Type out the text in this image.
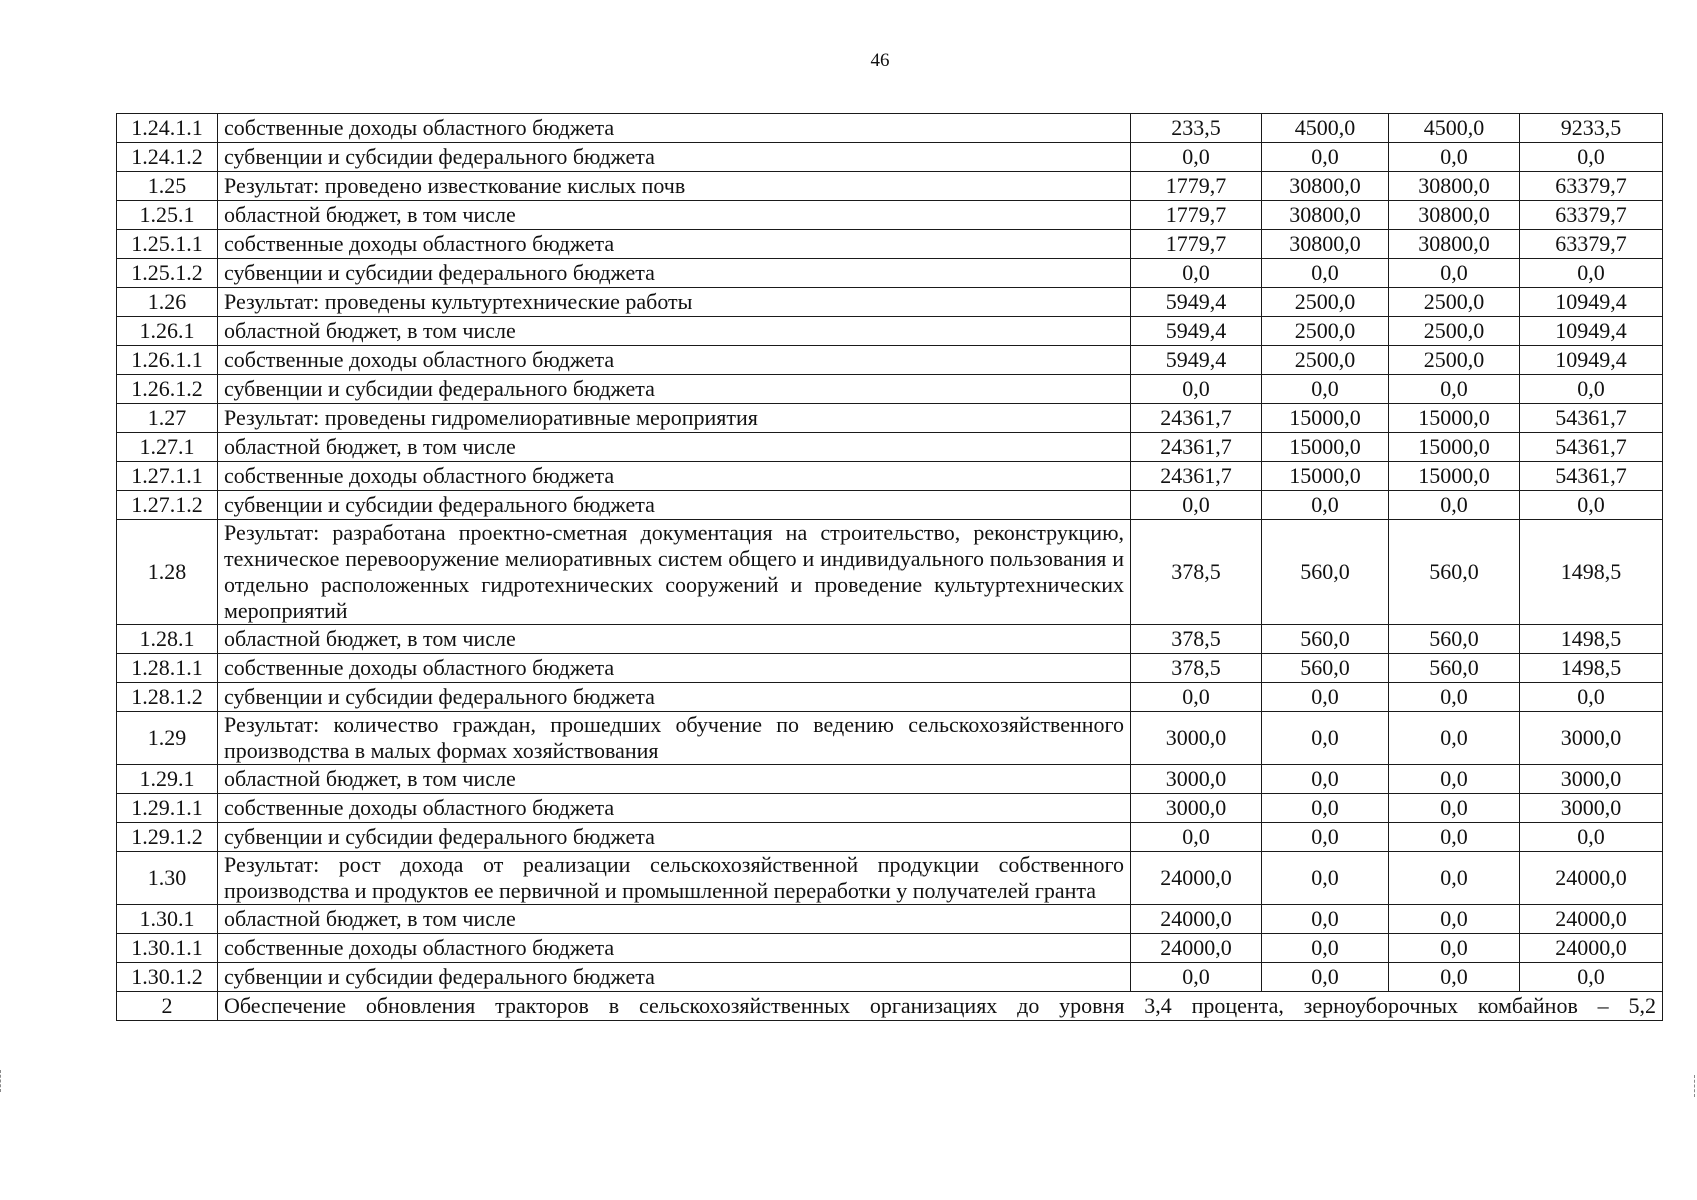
46
1.24.1.1	собственные доходы областного бюджета	233,5	4500,0	4500,0	9233,5
1.24.1.2	субвенции и субсидии федерального бюджета	0,0	0,0	0,0	0,0
1.25	Результат: проведено известкование кислых почв	1779,7	30800,0	30800,0	63379,7
1.25.1	областной бюджет, в том числе	1779,7	30800,0	30800,0	63379,7
1.25.1.1	собственные доходы областного бюджета	1779,7	30800,0	30800,0	63379,7
1.25.1.2	субвенции и субсидии федерального бюджета	0,0	0,0	0,0	0,0
1.26	Результат: проведены культуртехнические работы	5949,4	2500,0	2500,0	10949,4
1.26.1	областной бюджет, в том числе	5949,4	2500,0	2500,0	10949,4
1.26.1.1	собственные доходы областного бюджета	5949,4	2500,0	2500,0	10949,4
1.26.1.2	субвенции и субсидии федерального бюджета	0,0	0,0	0,0	0,0
1.27	Результат: проведены гидромелиоративные мероприятия	24361,7	15000,0	15000,0	54361,7
1.27.1	областной бюджет, в том числе	24361,7	15000,0	15000,0	54361,7
1.27.1.1	собственные доходы областного бюджета	24361,7	15000,0	15000,0	54361,7
1.27.1.2	субвенции и субсидии федерального бюджета	0,0	0,0	0,0	0,0
1.28	Результат: разработана проектно-сметная документация на строительство, реконструкцию, техническое перевооружение мелиоративных систем общего и индивидуального пользования и отдельно расположенных гидротехнических сооружений и проведение культуртехнических мероприятий	378,5	560,0	560,0	1498,5
1.28.1	областной бюджет, в том числе	378,5	560,0	560,0	1498,5
1.28.1.1	собственные доходы областного бюджета	378,5	560,0	560,0	1498,5
1.28.1.2	субвенции и субсидии федерального бюджета	0,0	0,0	0,0	0,0
1.29	Результат: количество граждан, прошедших обучение по ведению сельскохозяйственного производства в малых формах хозяйствования	3000,0	0,0	0,0	3000,0
1.29.1	областной бюджет, в том числе	3000,0	0,0	0,0	3000,0
1.29.1.1	собственные доходы областного бюджета	3000,0	0,0	0,0	3000,0
1.29.1.2	субвенции и субсидии федерального бюджета	0,0	0,0	0,0	0,0
1.30	Результат: рост дохода от реализации сельскохозяйственной продукции собственного производства и продуктов ее первичной и промышленной переработки у получателей гранта	24000,0	0,0	0,0	24000,0
1.30.1	областной бюджет, в том числе	24000,0	0,0	0,0	24000,0
1.30.1.1	собственные доходы областного бюджета	24000,0	0,0	0,0	24000,0
1.30.1.2	субвенции и субсидии федерального бюджета	0,0	0,0	0,0	0,0
2	Обеспечение обновления тракторов в сельскохозяйственных организациях до уровня 3,4 процента, зерноуборочных комбайнов – 5,2				
